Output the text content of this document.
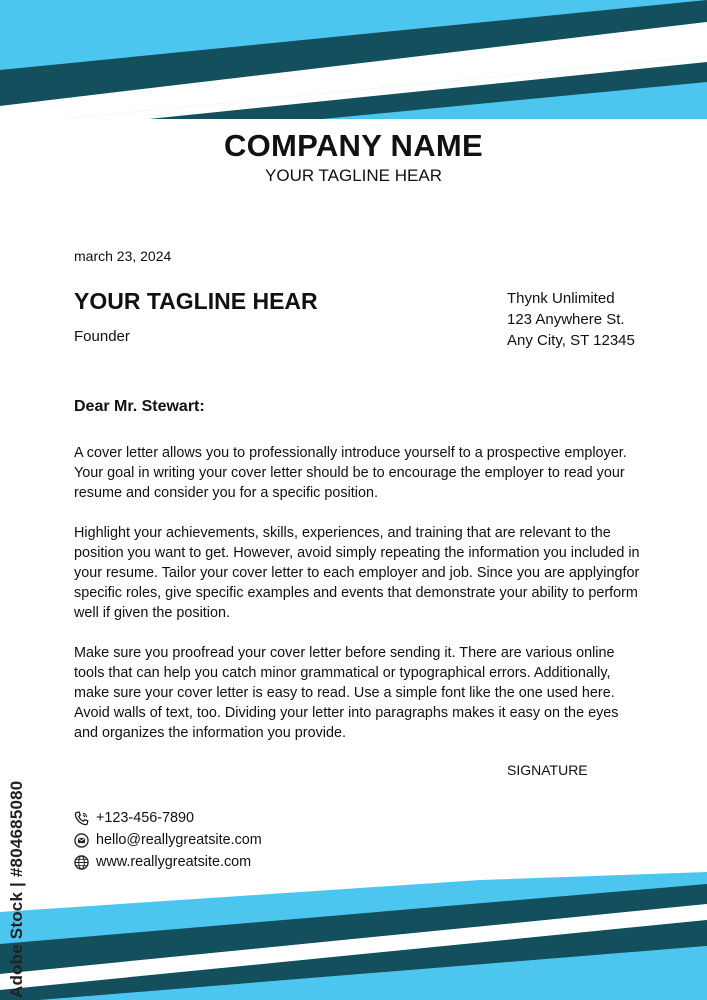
COMPANY NAME
YOUR TAGLINE HEAR
march 23, 2024
YOUR TAGLINE HEAR
Founder
Thynk Unlimited
123 Anywhere St.
Any City, ST 12345
Dear Mr. Stewart:

A cover letter allows you to professionally introduce yourself to a prospective employer. Your goal in writing your cover letter should be to encourage the employer to read your resume and consider you for a specific position.

Highlight your achievements, skills, experiences, and training that are relevant to the position you want to get. However, avoid simply repeating the information you included in your resume. Tailor your cover letter to each employer and job. Since you are applyingfor specific roles, give specific examples and events that demonstrate your ability to perform well if given the position.

Make sure you proofread your cover letter before sending it. There are various online tools that can help you catch minor grammatical or typographical errors. Additionally, make sure your cover letter is easy to read. Use a simple font like the one used here. Avoid walls of text, too. Dividing your letter into paragraphs makes it easy on the eyes and organizes the information you provide.

SIGNATURE
+123-456-7890
hello@reallygreatsite.com
www.reallygreatsite.com
Adobe Stock | #804685080
